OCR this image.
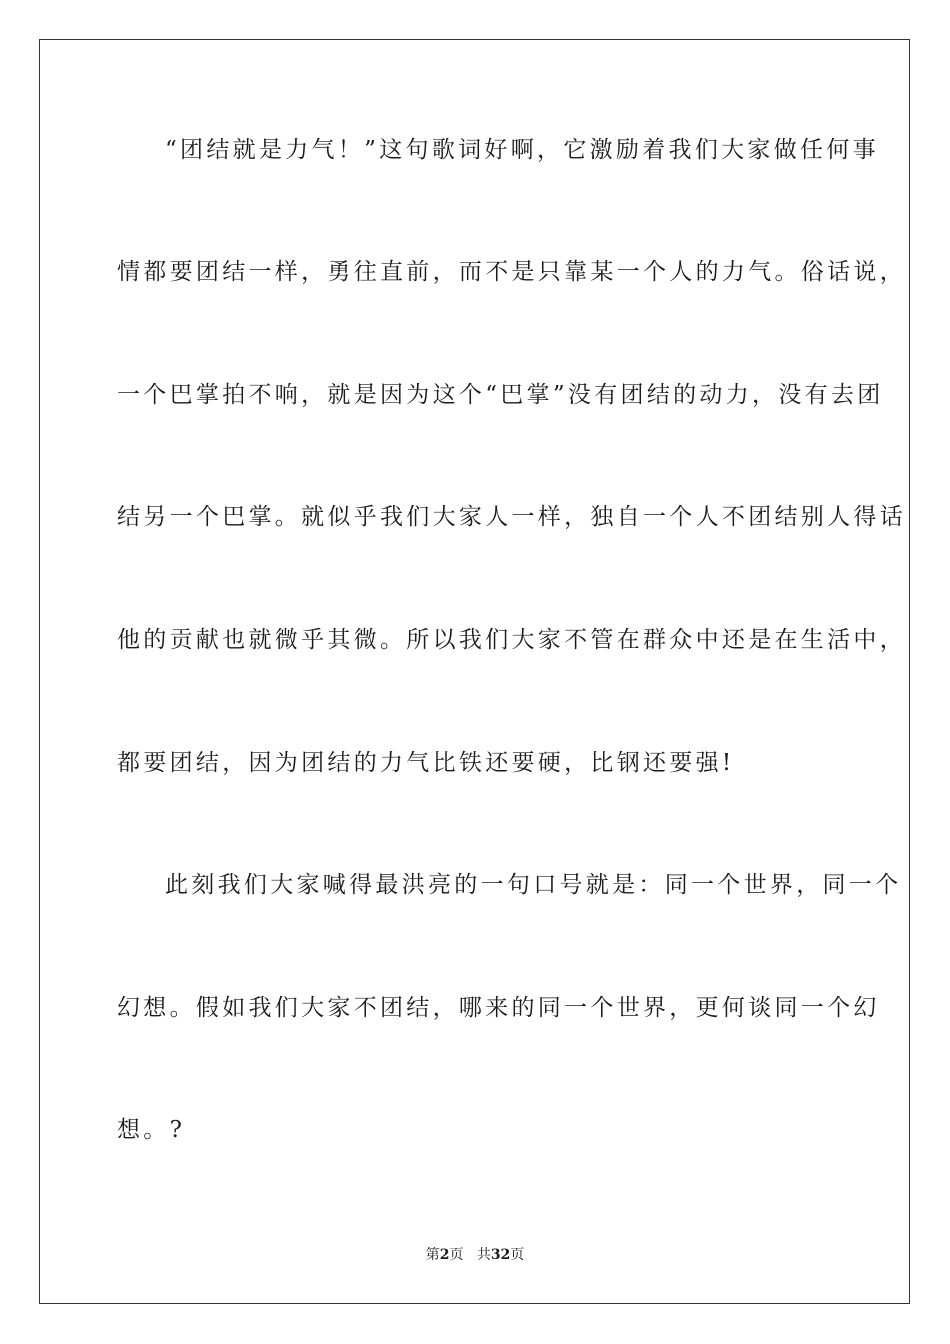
“团结就是力气！”这句歌词好啊，它激励着我们大家做任何事
情都要团结一样，勇往直前，而不是只靠某一个人的力气。俗话说，
一个巴掌拍不响，就是因为这个“巴掌”没有团结的动力，没有去团
结另一个巴掌。就似乎我们大家人一样，独自一个人不团结别人得话
他的贡献也就微乎其微。所以我们大家不管在群众中还是在生活中，
都要团结，因为团结的力气比铁还要硬，比钢还要强!
此刻我们大家喊得最洪亮的一句口号就是：同一个世界，同一个
幻想。假如我们大家不团结，哪来的同一个世界，更何谈同一个幻
想。?
第2页 共32页
